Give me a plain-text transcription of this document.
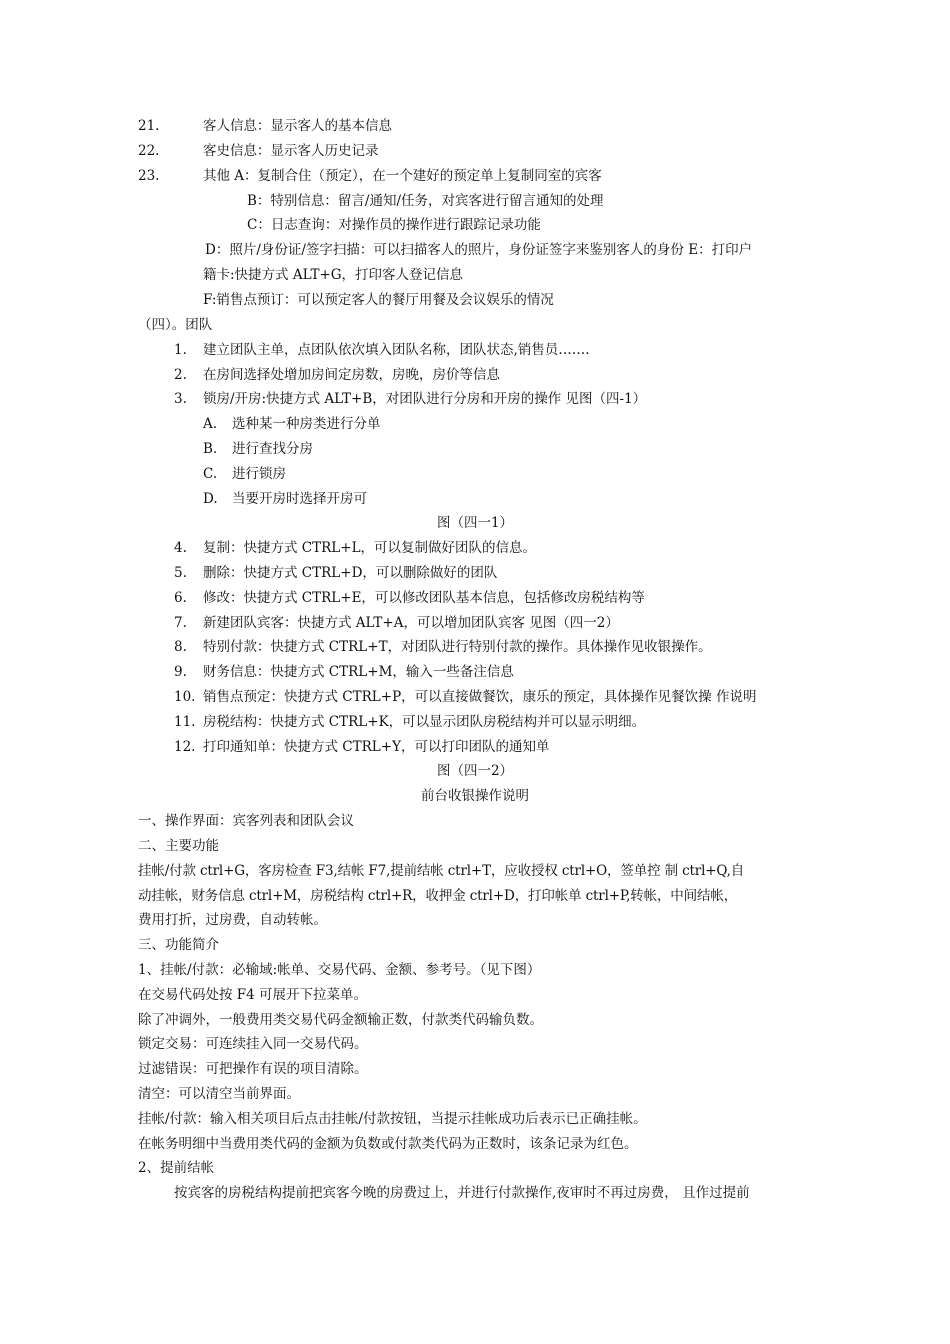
21.	客人信息：显示客人的基本信息
22.	客史信息：显示客人历史记录
23.	其他 A：复制合住（预定），在一个建好的预定单上复制同室的宾客
B：特别信息：留言/通知/任务，对宾客进行留言通知的处理
C：日志查询：对操作员的操作进行跟踪记录功能
D：照片/身份证/签字扫描：可以扫描客人的照片，身份证签字来鉴别客人的身份 E：打印户
籍卡:快捷方式 ALT+G，打印客人登记信息
F:销售点预订：可以预定客人的餐厅用餐及会议娱乐的情况
（四）。团队
1. 建立团队主单，点团队依次填入团队名称，团队状态,销售员…….
2. 在房间选择处增加房间定房数，房晚，房价等信息
3. 锁房/开房:快捷方式 ALT+B，对团队进行分房和开房的操作 见图（四-1）
A. 选种某一种房类进行分单
B. 进行查找分房
C. 进行锁房
D. 当要开房时选择开房可
图（四一1）
4. 复制：快捷方式 CTRL+L，可以复制做好团队的信息。
5. 删除：快捷方式 CTRL+D，可以删除做好的团队
6. 修改：快捷方式 CTRL+E，可以修改团队基本信息，包括修改房税结构等
7. 新建团队宾客：快捷方式 ALT+A，可以增加团队宾客 见图（四一2）
8. 特别付款：快捷方式 CTRL+T，对团队进行特别付款的操作。具体操作见收银操作。
9. 财务信息：快捷方式 CTRL+M，输入一些备注信息
10. 销售点预定：快捷方式 CTRL+P，可以直接做餐饮，康乐的预定，具体操作见餐饮操 作说明
11. 房税结构：快捷方式 CTRL+K，可以显示团队房税结构并可以显示明细。
12. 打印通知单：快捷方式 CTRL+Y，可以打印团队的通知单
图（四一2）
前台收银操作说明
一、操作界面：宾客列表和团队会议
二、主要功能
挂帐/付款 ctrl+G，客房检查 F3,结帐 F7,提前结帐 ctrl+T，应收授权 ctrl+O，签单控 制 ctrl+Q,自
动挂帐，财务信息 ctrl+M，房税结构 ctrl+R，收押金 ctrl+D，打印帐单 ctrl+P,转帐，中间结帐，
费用打折，过房费，自动转帐。
三、功能简介
1、挂帐/付款：必输域:帐单、交易代码、金额、参考号。（见下图）
在交易代码处按 F4 可展开下拉菜单。
除了冲调外，一般费用类交易代码金额输正数，付款类代码输负数。
锁定交易：可连续挂入同一交易代码。
过滤错误：可把操作有误的项目清除。
清空：可以清空当前界面。
挂帐/付款：输入相关项目后点击挂帐/付款按钮，当提示挂帐成功后表示已正确挂帐。
在帐务明细中当费用类代码的金额为负数或付款类代码为正数时，该条记录为红色。
2、提前结帐
按宾客的房税结构提前把宾客今晚的房费过上，并进行付款操作,夜审时不再过房费， 且作过提前
